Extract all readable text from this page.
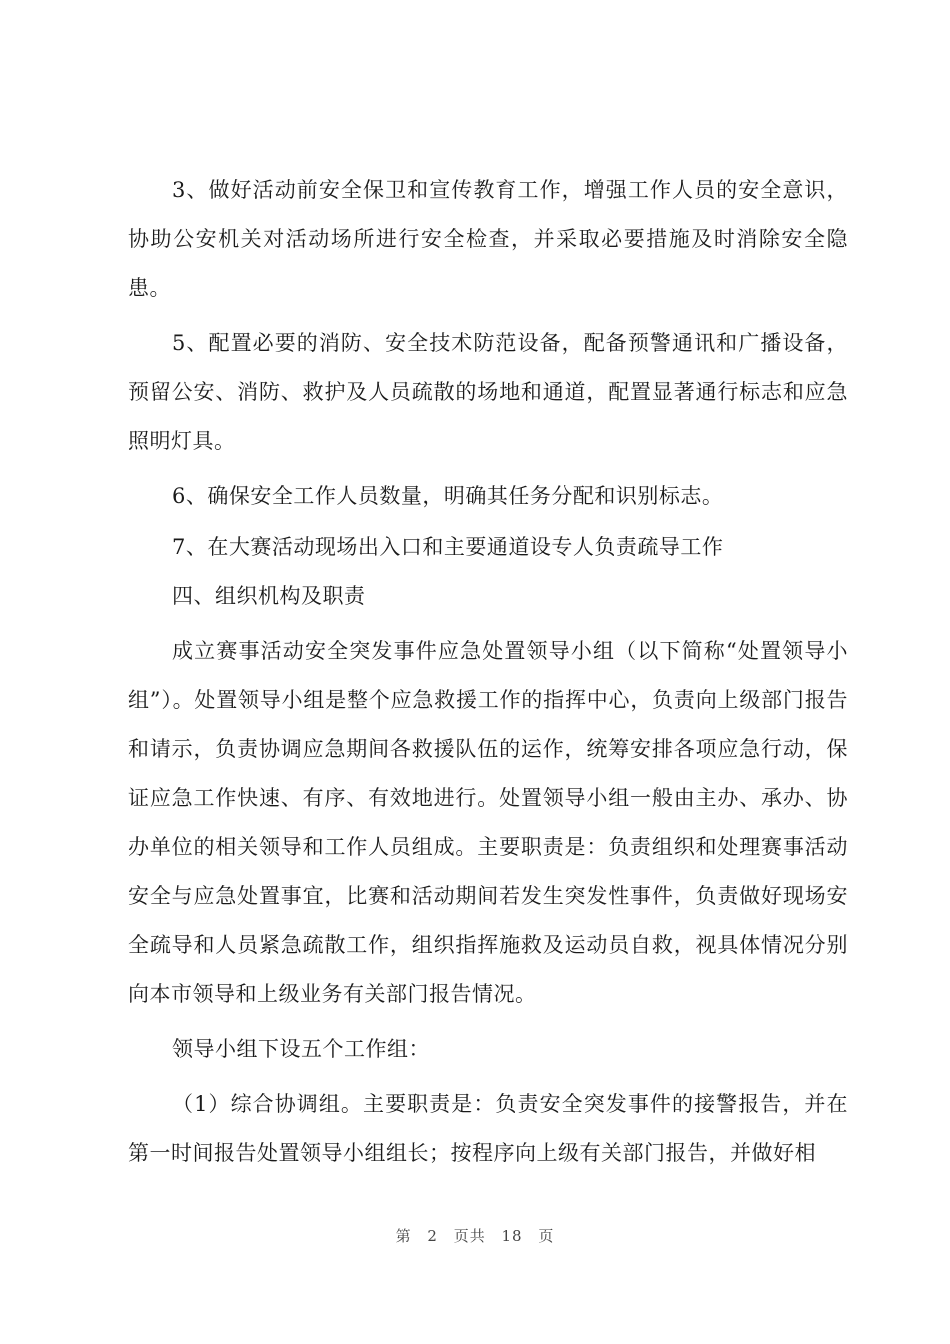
3、做好活动前安全保卫和宣传教育工作，增强工作人员的安全意识，协助公安机关对活动场所进行安全检查，并采取必要措施及时消除安全隐患。

5、配置必要的消防、安全技术防范设备，配备预警通讯和广播设备，预留公安、消防、救护及人员疏散的场地和通道，配置显著通行标志和应急照明灯具。

6、确保安全工作人员数量，明确其任务分配和识别标志。

7、在大赛活动现场出入口和主要通道设专人负责疏导工作

四、组织机构及职责

成立赛事活动安全突发事件应急处置领导小组（以下简称“处置领导小组”）。处置领导小组是整个应急救援工作的指挥中心，负责向上级部门报告和请示，负责协调应急期间各救援队伍的运作，统筹安排各项应急行动，保证应急工作快速、有序、有效地进行。处置领导小组一般由主办、承办、协办单位的相关领导和工作人员组成。主要职责是：负责组织和处理赛事活动安全与应急处置事宜，比赛和活动期间若发生突发性事件，负责做好现场安全疏导和人员紧急疏散工作，组织指挥施救及运动员自救，视具体情况分别向本市领导和上级业务有关部门报告情况。

领导小组下设五个工作组：

（1）综合协调组。主要职责是：负责安全突发事件的接警报告，并在第一时间报告处置领导小组组长；按程序向上级有关部门报告，并做好相

第 2 页共 18 页
